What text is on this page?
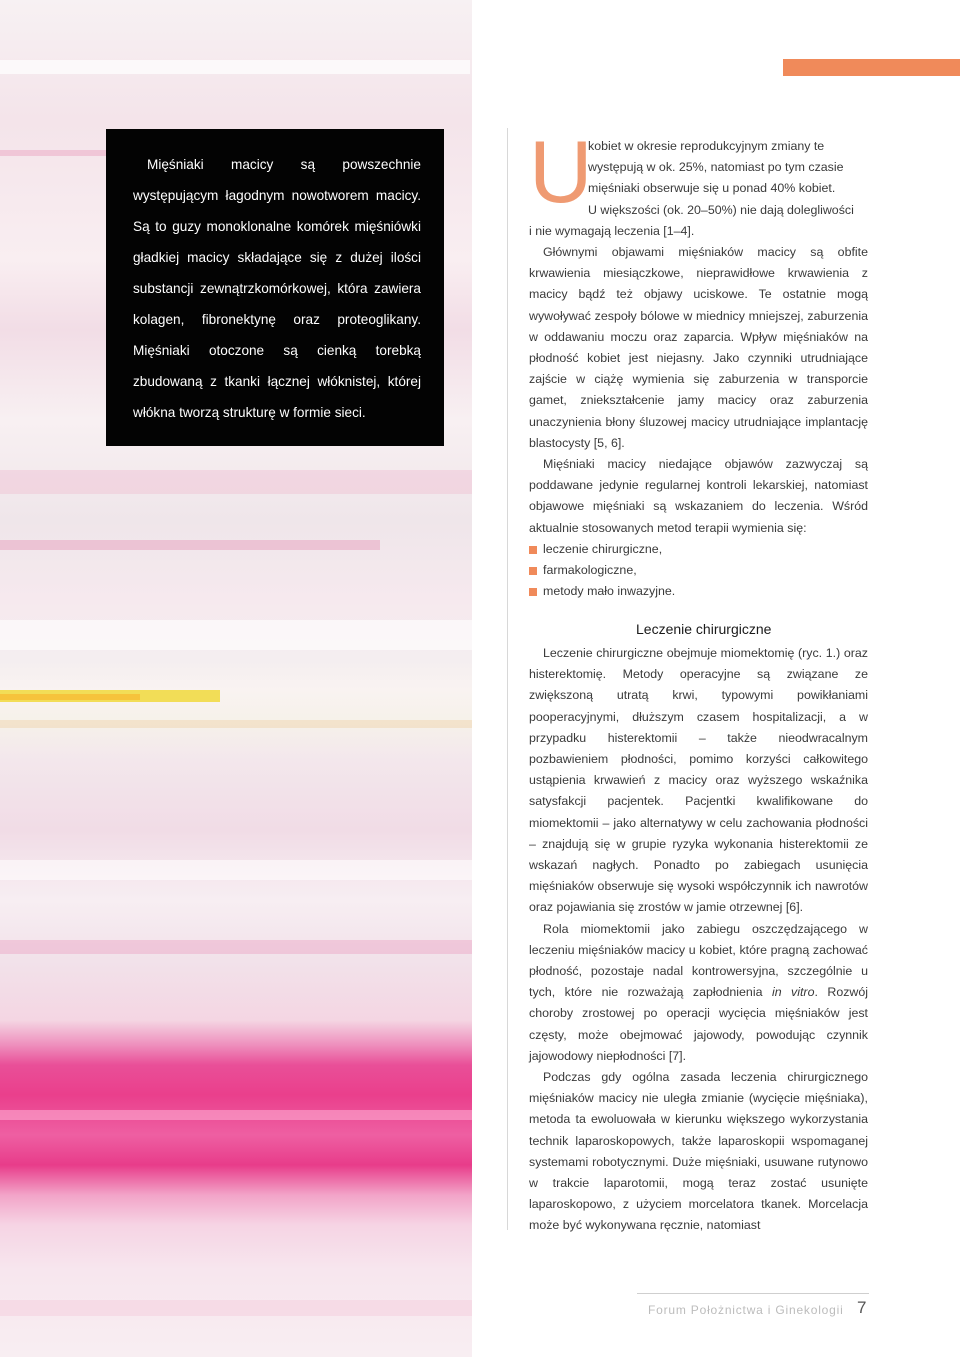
Mięśniaki macicy są powszechnie występującym łagodnym nowotworem macicy. Są to guzy monoklonalne komórek mięśniówki gładkiej macicy składające się z dużej ilości substancji zewnątrzkomórkowej, która zawiera kolagen, fibronektynę oraz proteoglikany. Mięśniaki otoczone są cienką torebką zbudowaną z tkanki łącznej włóknistej, której włókna tworzą strukturę w formie sieci.

U

kobiet w okresie reprodukcyjnym zmiany te
występują w ok. 25%, natomiast po tym czasie
mięśniaki obserwuje się u ponad 40% kobiet.
U większości (ok. 20–50%) nie dają dolegliwości

i nie wymagają leczenia [1–4].

Głównymi objawami mięśniaków macicy są obfite krwawienia miesiączkowe, nieprawidłowe krwawienia z macicy bądź też objawy uciskowe. Te ostatnie mogą wywoływać zespoły bólowe w miednicy mniejszej, zaburzenia w oddawaniu moczu oraz zaparcia. Wpływ mięśniaków na płodność kobiet jest niejasny. Jako czynniki utrudniające zajście w ciążę wymienia się zaburzenia w transporcie gamet, zniekształcenie jamy macicy oraz zaburzenia unaczynienia błony śluzowej macicy utrudniające implantację blastocysty [5, 6].

Mięśniaki macicy niedające objawów zazwyczaj są poddawane jedynie regularnej kontroli lekarskiej, natomiast objawowe mięśniaki są wskazaniem do leczenia. Wśród aktualnie stosowanych metod terapii wymienia się:

leczenie chirurgiczne,
farmakologiczne,
metody mało inwazyjne.
Leczenie chirurgiczne

Leczenie chirurgiczne obejmuje miomektomię (ryc. 1.) oraz histerektomię. Metody operacyjne są związane ze zwiększoną utratą krwi, typowymi powikłaniami pooperacyjnymi, dłuższym czasem hospitalizacji, a w przypadku histerektomii – także nieodwracalnym pozbawieniem płodności, pomimo korzyści całkowitego ustąpienia krwawień z macicy oraz wyższego wskaźnika satysfakcji pacjentek. Pacjentki kwalifikowane do miomektomii – jako alternatywy w celu zachowania płodności – znajdują się w grupie ryzyka wykonania histerektomii ze wskazań nagłych. Ponadto po zabiegach usunięcia mięśniaków obserwuje się wysoki współczynnik ich nawrotów oraz pojawiania się zrostów w jamie otrzewnej [6].

Rola miomektomii jako zabiegu oszczędzającego w leczeniu mięśniaków macicy u kobiet, które pragną zachować płodność, pozostaje nadal kontrowersyjna, szczególnie u tych, które nie rozważają zapłodnienia in vitro. Rozwój choroby zrostowej po operacji wycięcia mięśniaków jest częsty, może obejmować jajowody, powodując czynnik jajowodowy niepłodności [7].

Podczas gdy ogólna zasada leczenia chirurgicznego mięśniaków macicy nie uległa zmianie (wycięcie mięśniaka), metoda ta ewoluowała w kierunku większego wykorzystania technik laparoskopowych, także laparoskopii wspomaganej systemami robotycznymi. Duże mięśniaki, usuwane rutynowo w trakcie laparotomii, mogą teraz zostać usunięte laparoskopowo, z użyciem morcelatora tkanek. Morcelacja może być wykonywana ręcznie, natomiast

Forum Położnictwa i Ginekologii 7
